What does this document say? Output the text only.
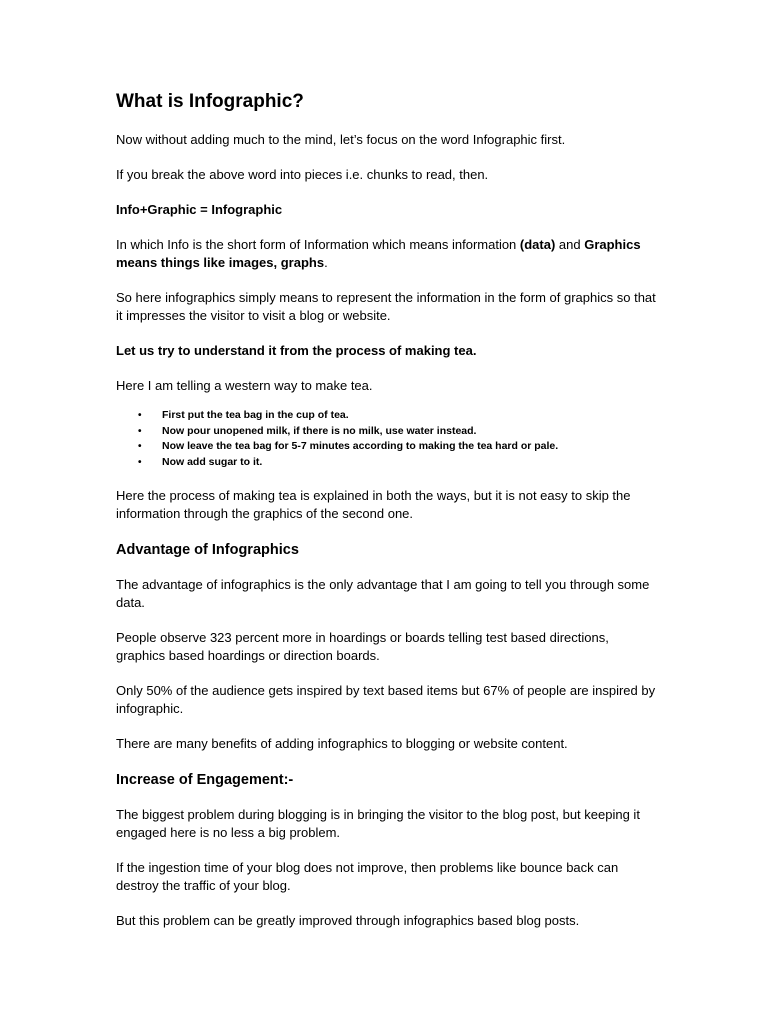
What is Infographic?

Now without adding much to the mind, let’s focus on the word Infographic first.

If you break the above word into pieces i.e. chunks to read, then.

Info+Graphic = Infographic

In which Info is the short form of Information which means information (data) and Graphics means things like images, graphs.

So here infographics simply means to represent the information in the form of graphics so that it impresses the visitor to visit a blog or website.

Let us try to understand it from the process of making tea.

Here I am telling a western way to make tea.

• First put the tea bag in the cup of tea.
• Now pour unopened milk, if there is no milk, use water instead.
• Now leave the tea bag for 5-7 minutes according to making the tea hard or pale.
• Now add sugar to it.

Here the process of making tea is explained in both the ways, but it is not easy to skip the information through the graphics of the second one.

Advantage of Infographics

The advantage of infographics is the only advantage that I am going to tell you through some data.

People observe 323 percent more in hoardings or boards telling test based directions, graphics based hoardings or direction boards.

Only 50% of the audience gets inspired by text based items but 67% of people are inspired by infographic.

There are many benefits of adding infographics to blogging or website content.

Increase of Engagement:-

The biggest problem during blogging is in bringing the visitor to the blog post, but keeping it engaged here is no less a big problem.

If the ingestion time of your blog does not improve, then problems like bounce back can destroy the traffic of your blog.

But this problem can be greatly improved through infographics based blog posts.
